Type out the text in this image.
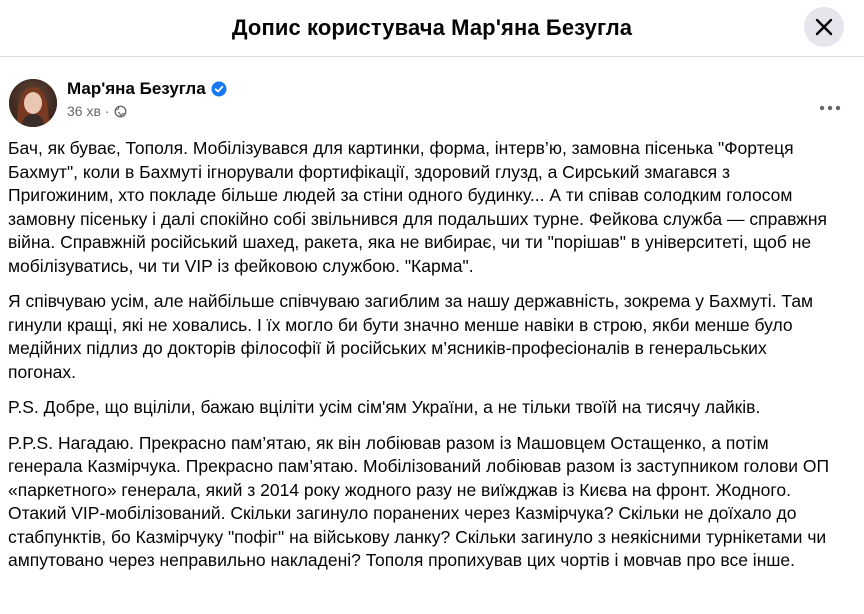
Допис користувача Мар'яна Безугла
Мар'яна Безугла
36 хв ·

Бач, як буває, Тополя. Мобілізувався для картинки, форма, інтерв’ю, замовна пісенька "Фортеця Бахмут", коли в Бахмуті ігнорували фортифікації, здоровий глузд, а Сирський змагався з Пригожиним, хто покладе більше людей за стіни одного будинку... А ти співав солодким голосом замовну пісеньку і далі спокійно собі звільнився для подальших турне. Фейкова служба — справжня війна. Справжній російський шахед, ракета, яка не вибирає, чи ти "порішав" в університеті, щоб не мобілізуватись, чи ти VIP із фейковою службою. "Карма".

Я співчуваю усім, але найбільше співчуваю загиблим за нашу державність, зокрема у Бахмуті. Там гинули кращі, які не ховались. І їх могло би бути значно менше навіки в строю, якби менше було медійних підлиз до докторів філософії й російських м’ясників-професіоналів в генеральських погонах.

P.S. Добре, що вціліли, бажаю вціліти усім сім'ям України, а не тільки твоїй на тисячу лайків.

P.P.S. Нагадаю. Прекрасно пам’ятаю, як він лобіював разом із Машовцем Остащенко, а потім генерала Казмірчука. Прекрасно пам’ятаю. Мобілізований лобіював разом із заступником голови ОП «паркетного» генерала, який з 2014 року жодного разу не виїжджав із Києва на фронт. Жодного. Отакий VIP-мобілізований. Скільки загинуло поранених через Казмірчука? Скільки не доїхало до стабпунктів, бо Казмірчуку "пофіг" на військову ланку? Скільки загинуло з неякісними турнікетами чи ампутовано через неправильно накладені? Тополя пропихував цих чортів і мовчав про все інше.
